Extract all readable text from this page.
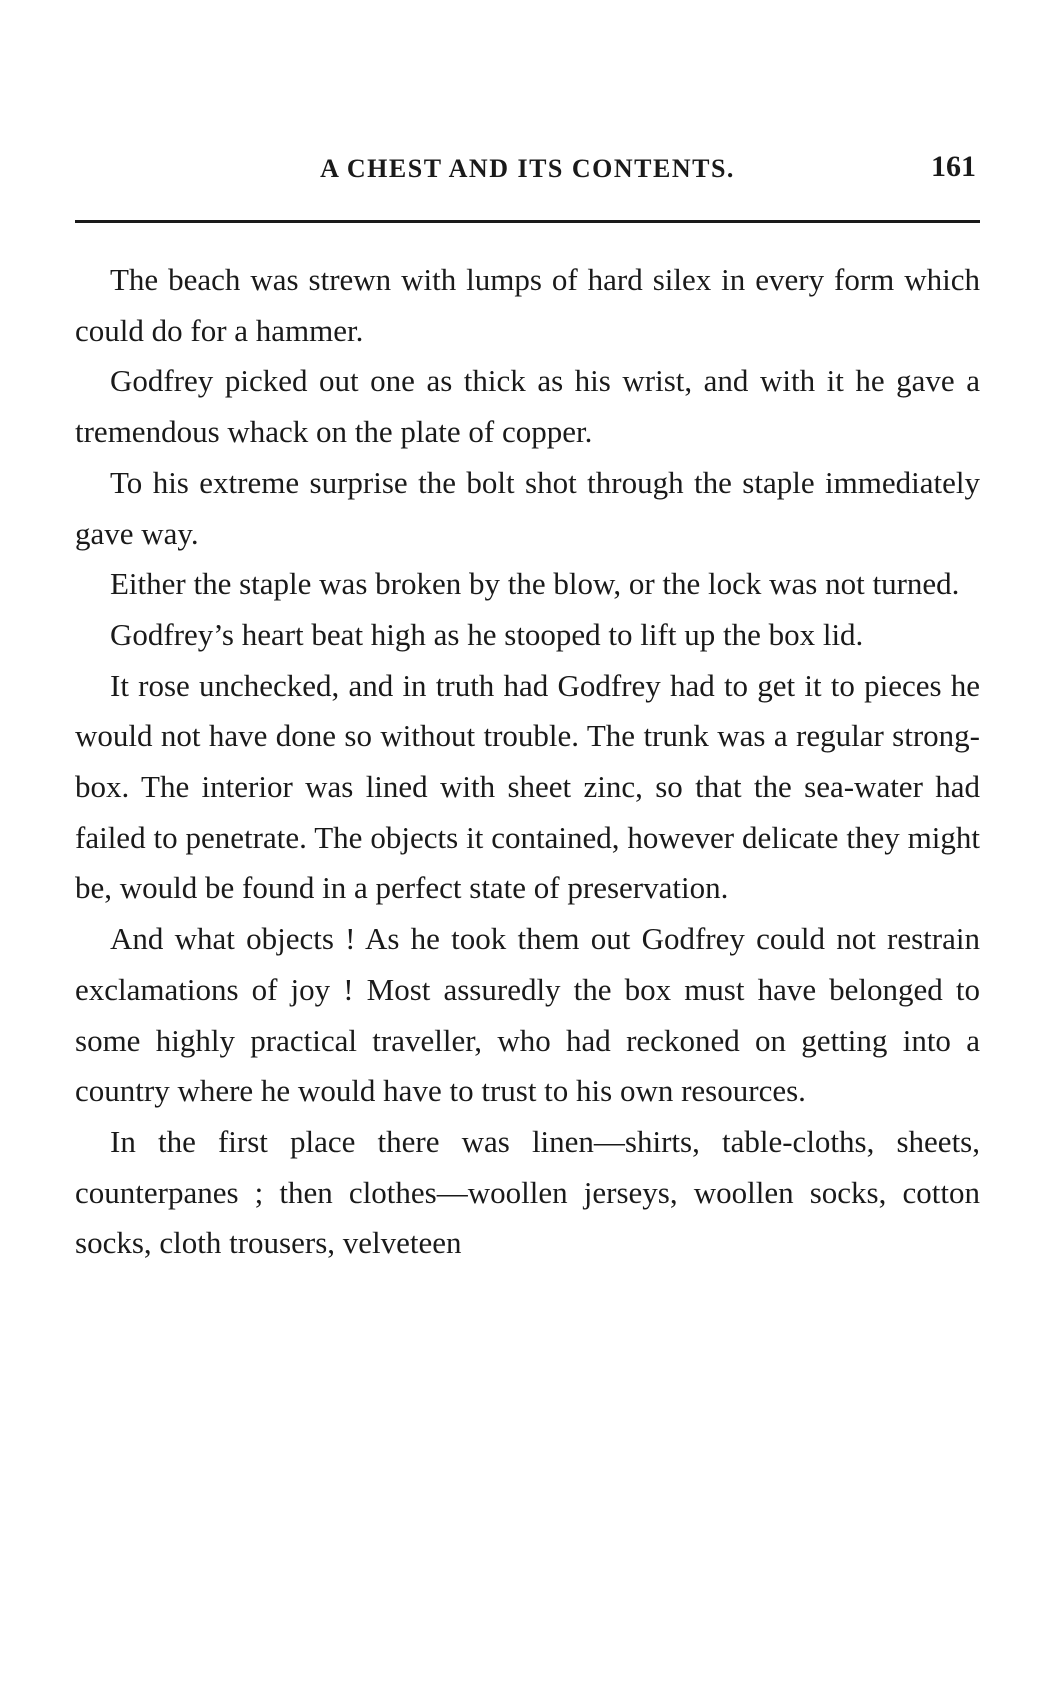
A CHEST AND ITS CONTENTS.	161

The beach was strewn with lumps of hard silex in every form which could do for a hammer.

Godfrey picked out one as thick as his wrist, and with it he gave a tremendous whack on the plate of copper.

To his extreme surprise the bolt shot through the staple immediately gave way.

Either the staple was broken by the blow, or the lock was not turned.

Godfrey’s heart beat high as he stooped to lift up the box lid.

It rose unchecked, and in truth had Godfrey had to get it to pieces he would not have done so without trouble. The trunk was a regular strong-box. The interior was lined with sheet zinc, so that the sea-water had failed to penetrate. The objects it contained, however delicate they might be, would be found in a perfect state of preservation.

And what objects ! As he took them out Godfrey could not restrain exclamations of joy ! Most assuredly the box must have belonged to some highly practical traveller, who had reckoned on getting into a country where he would have to trust to his own resources.

In the first place there was linen—shirts, table-cloths, sheets, counterpanes ; then clothes—woollen jerseys, woollen socks, cotton socks, cloth trousers, velveteen
